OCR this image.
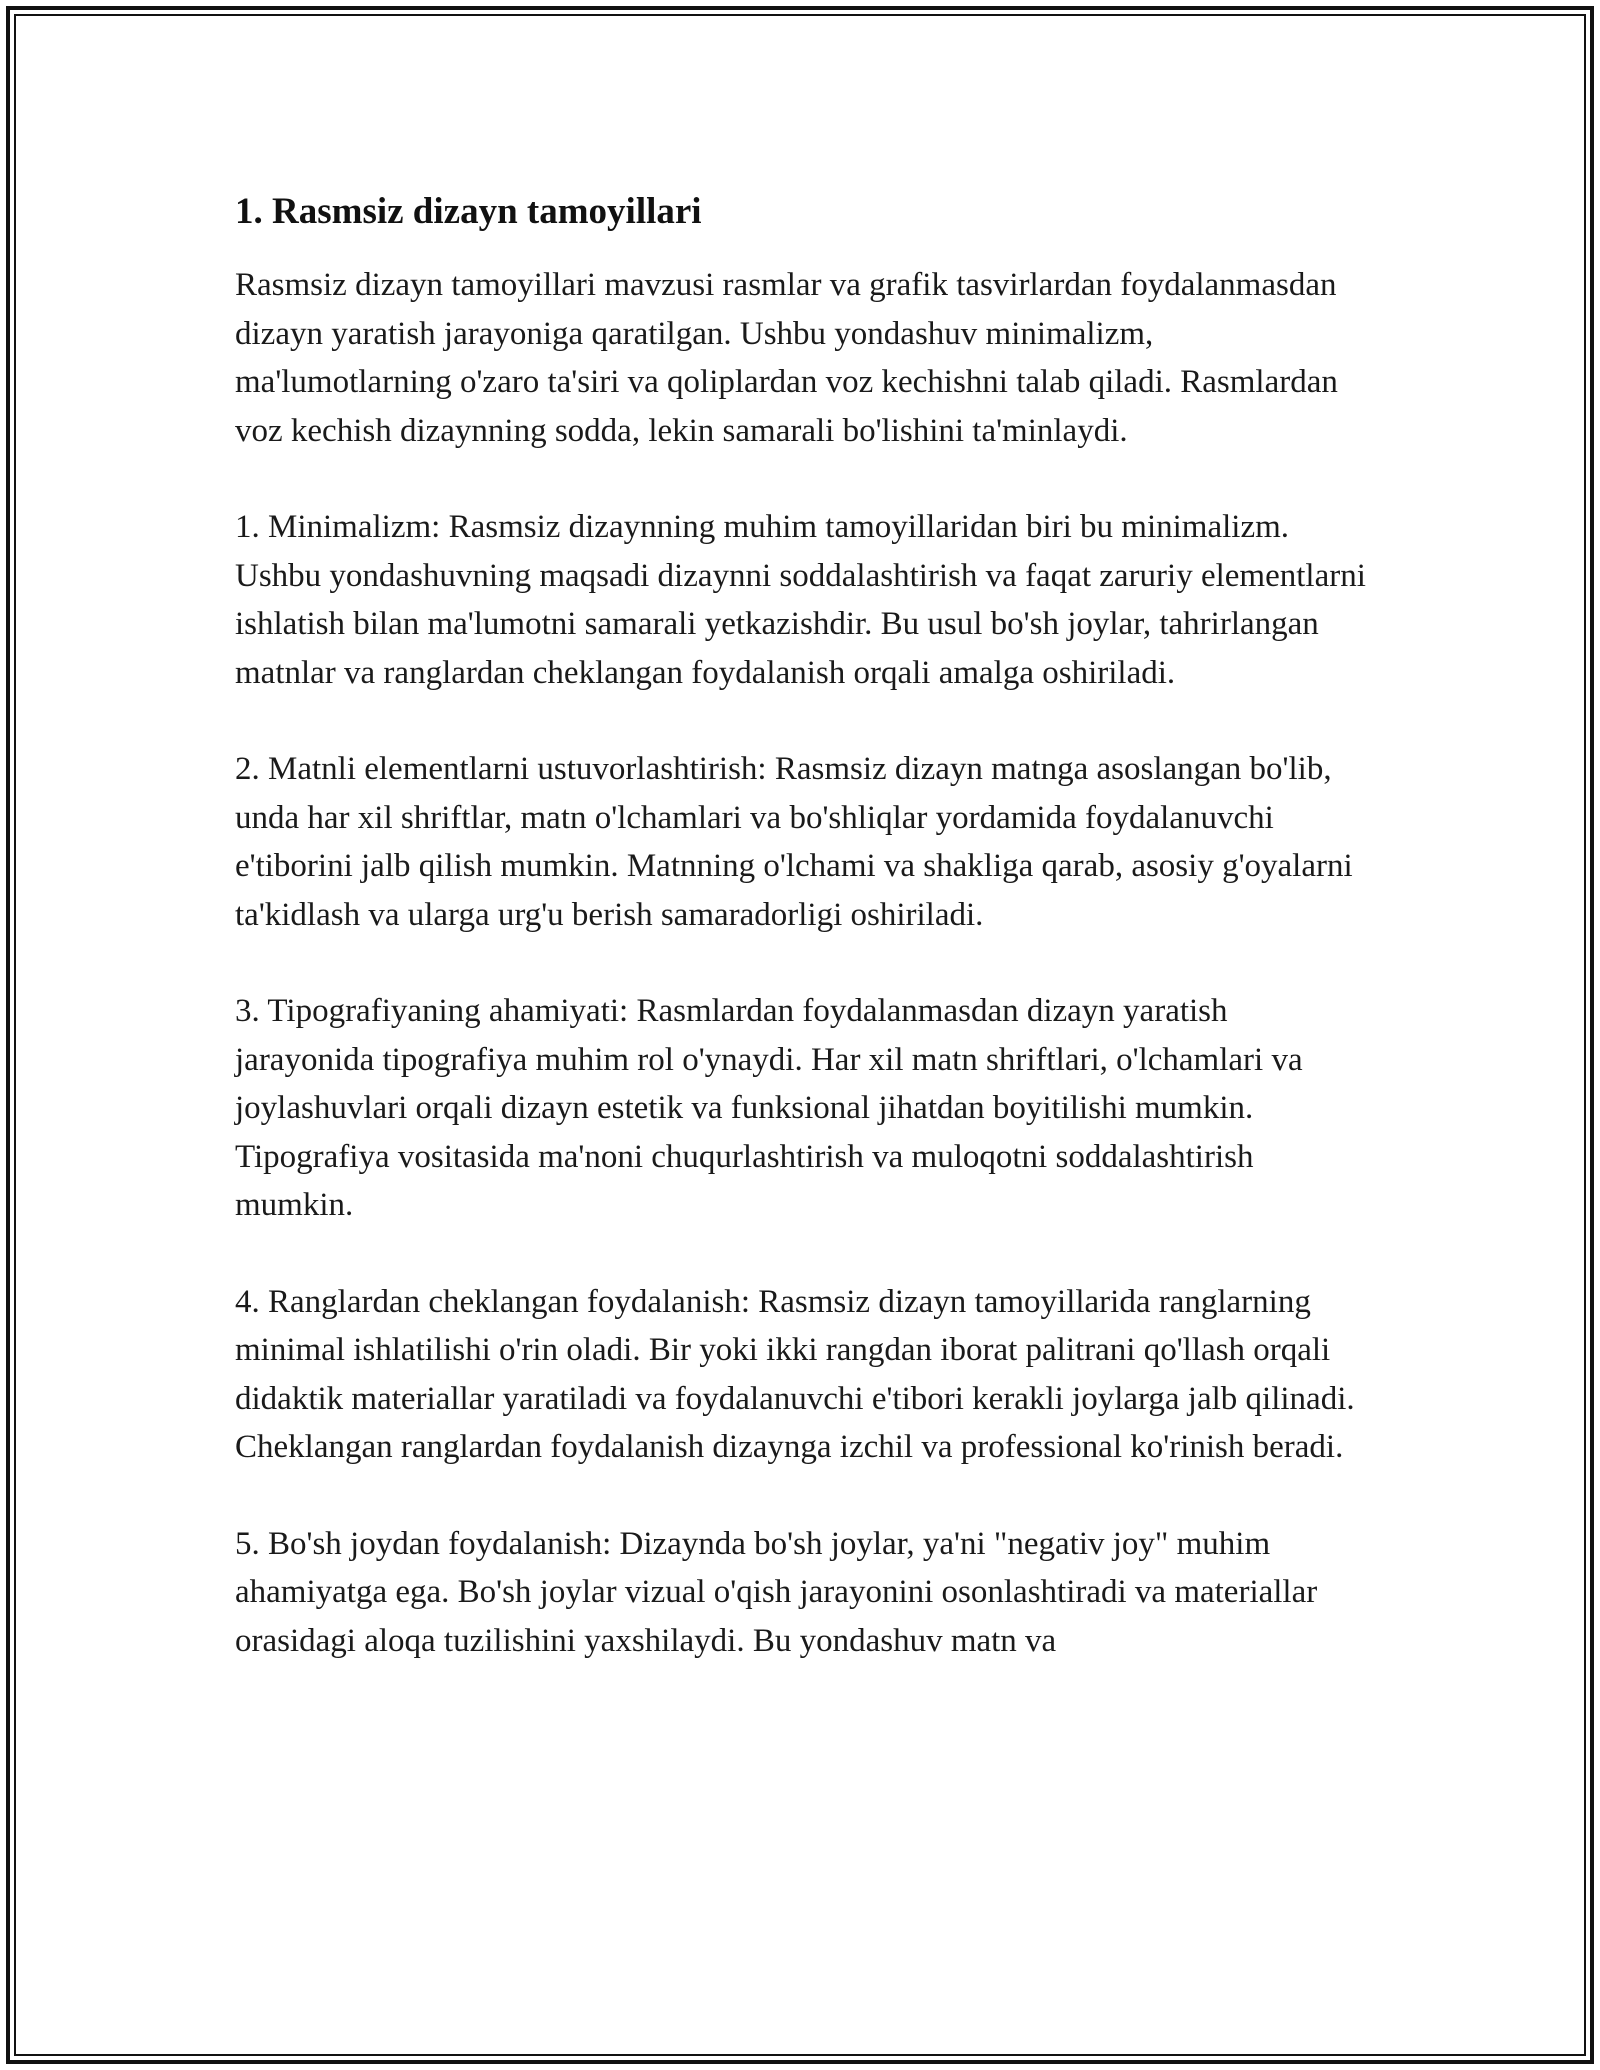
1. Rasmsiz dizayn tamoyillari

Rasmsiz dizayn tamoyillari mavzusi rasmlar va grafik tasvirlardan foydalanmasdan dizayn yaratish jarayoniga qaratilgan. Ushbu yondashuv minimalizm, ma'lumotlarning o'zaro ta'siri va qoliplardan voz kechishni talab qiladi. Rasmlardan voz kechish dizaynning sodda, lekin samarali bo'lishini ta'minlaydi.

1. Minimalizm: Rasmsiz dizaynning muhim tamoyillaridan biri bu minimalizm. Ushbu yondashuvning maqsadi dizaynni soddalashtirish va faqat zaruriy elementlarni ishlatish bilan ma'lumotni samarali yetkazishdir. Bu usul bo'sh joylar, tahrirlangan matnlar va ranglardan cheklangan foydalanish orqali amalga oshiriladi.

2. Matnli elementlarni ustuvorlashtirish: Rasmsiz dizayn matnga asoslangan bo'lib, unda har xil shriftlar, matn o'lchamlari va bo'shliqlar yordamida foydalanuvchi e'tiborini jalb qilish mumkin. Matnning o'lchami va shakliga qarab, asosiy g'oyalarni ta'kidlash va ularga urg'u berish samaradorligi oshiriladi.

3. Tipografiyaning ahamiyati: Rasmlardan foydalanmasdan dizayn yaratish jarayonida tipografiya muhim rol o'ynaydi. Har xil matn shriftlari, o'lchamlari va joylashuvlari orqali dizayn estetik va funksional jihatdan boyitilishi mumkin. Tipografiya vositasida ma'noni chuqurlashtirish va muloqotni soddalashtirish mumkin.

4. Ranglardan cheklangan foydalanish: Rasmsiz dizayn tamoyillarida ranglarning minimal ishlatilishi o'rin oladi. Bir yoki ikki rangdan iborat palitrani qo'llash orqali didaktik materiallar yaratiladi va foydalanuvchi e'tibori kerakli joylarga jalb qilinadi. Cheklangan ranglardan foydalanish dizaynga izchil va professional ko'rinish beradi.

5. Bo'sh joydan foydalanish: Dizaynda bo'sh joylar, ya'ni "negativ joy" muhim ahamiyatga ega. Bo'sh joylar vizual o'qish jarayonini osonlashtiradi va materiallar orasidagi aloqa tuzilishini yaxshilaydi. Bu yondashuv matn va
